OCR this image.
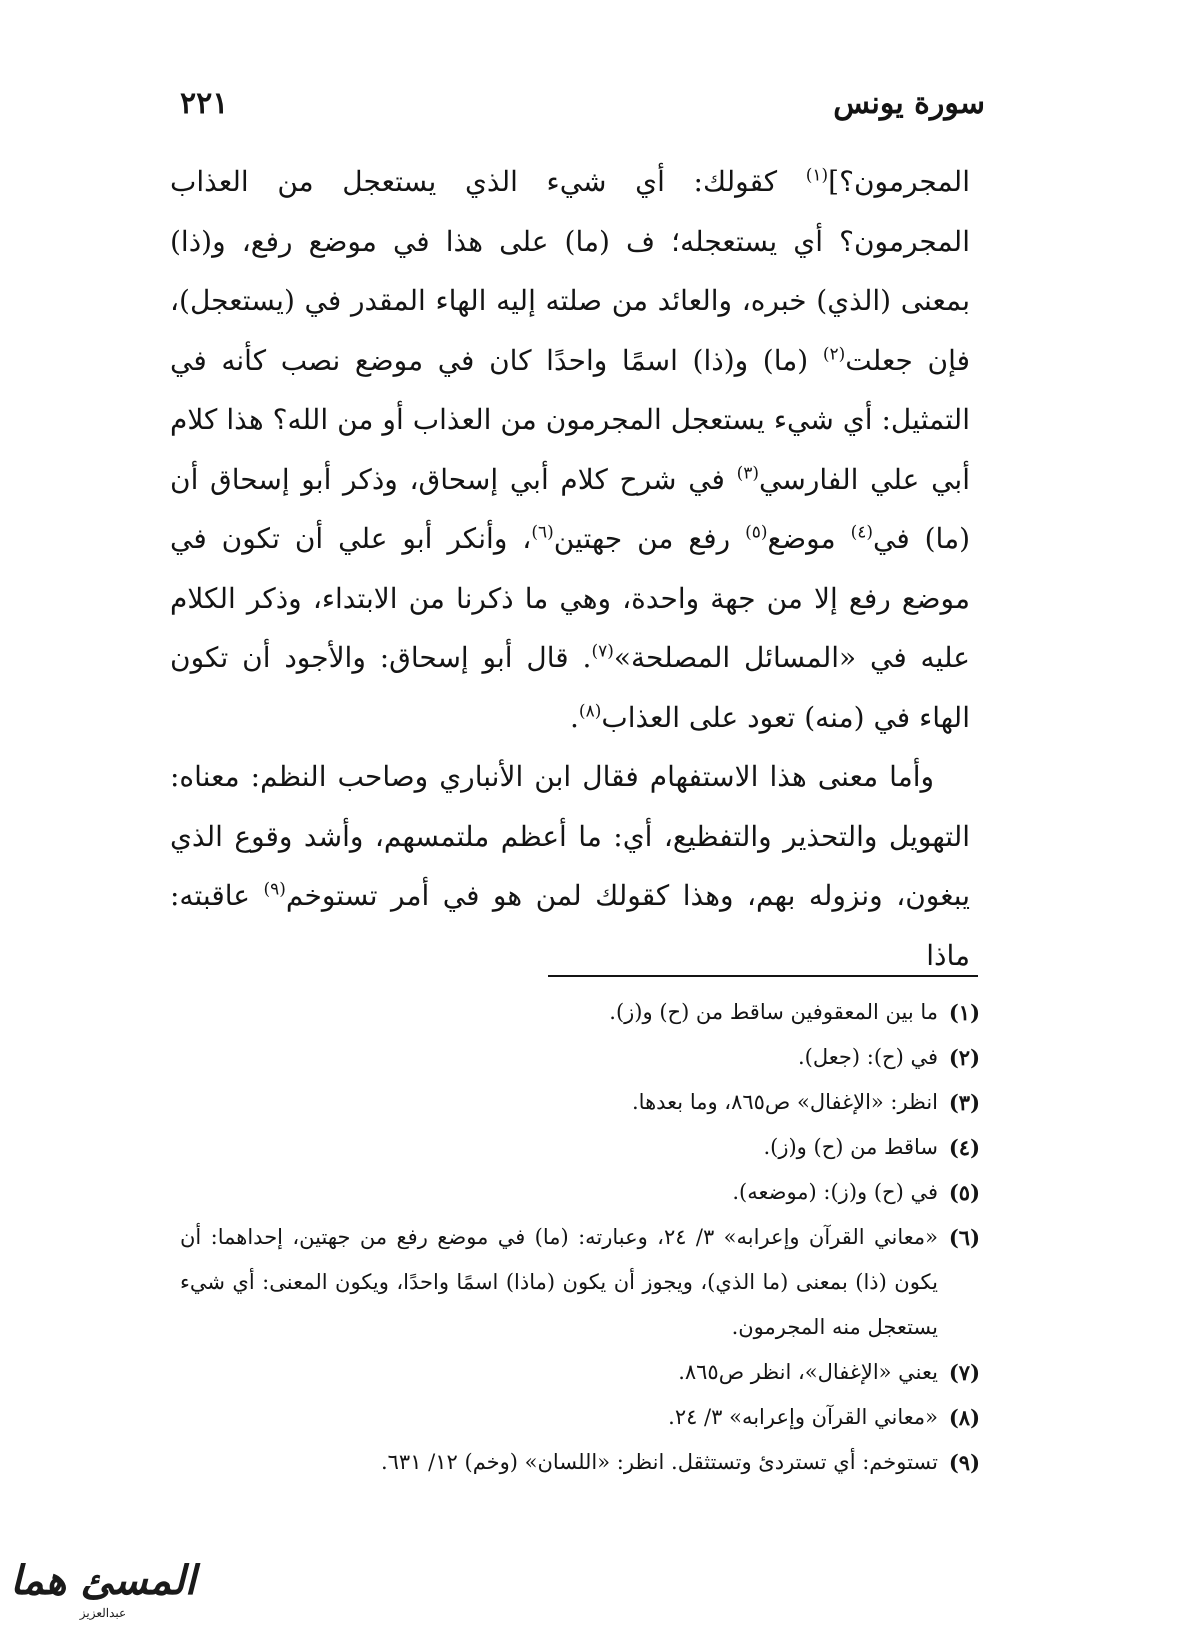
٢٢١	سورة يونس

المجرمون؟]$^{(١)}$ كقولك: أي شيء الذي يستعجل من العذاب المجرمون؟ أي يستعجله؛ ف (ما) على هذا في موضع رفع، و(ذا) بمعنى (الذي) خبره، والعائد من صلته إليه الهاء المقدر في (يستعجل)، فإن جعلت$^{(٢)}$ (ما) و(ذا) اسمًا واحدًا كان في موضع نصب كأنه في التمثيل: أي شيء يستعجل المجرمون من العذاب أو من الله؟ هذا كلام أبي علي الفارسي$^{(٣)}$ في شرح كلام أبي إسحاق، وذكر أبو إسحاق أن (ما) في$^{(٤)}$ موضع$^{(٥)}$ رفع من جهتين$^{(٦)}$، وأنكر أبو علي أن تكون في موضع رفع إلا من جهة واحدة، وهي ما ذكرنا من الابتداء، وذكر الكلام عليه في «المسائل المصلحة»$^{(٧)}$. قال أبو إسحاق: والأجود أن تكون الهاء في (منه) تعود على العذاب$^{(٨)}$.

وأما معنى هذا الاستفهام فقال ابن الأنباري وصاحب النظم: معناه: التهويل والتحذير والتفظيع، أي: ما أعظم ملتمسهم، وأشد وقوع الذي يبغون، ونزوله بهم، وهذا كقولك لمن هو في أمر تستوخم$^{(٩)}$ عاقبته: ماذا

(١)
ما بين المعقوفين ساقط من (ح) و(ز).
(٢)
في (ح): (جعل).
(٣)
انظر: «الإغفال» ص٨٦٥، وما بعدها.
(٤)
ساقط من (ح) و(ز).
(٥)
في (ح) و(ز): (موضعه).
(٦)
«معاني القرآن وإعرابه» ٣/ ٢٤، وعبارته: (ما) في موضع رفع من جهتين، إحداهما: أن يكون (ذا) بمعنى (ما الذي)، ويجوز أن يكون (ماذا) اسمًا واحدًا، ويكون المعنى: أي شيء يستعجل منه المجرمون.
(٧)
يعني «الإغفال»، انظر ص٨٦٥.
(٨)
«معاني القرآن وإعرابه» ٣/ ٢٤.
(٩)
تستوخم: أي تستردئ وتستثقل. انظر: «اللسان» (وخم) ١٢/ ٦٣١.
المسئ هما
عبدالعزيز
